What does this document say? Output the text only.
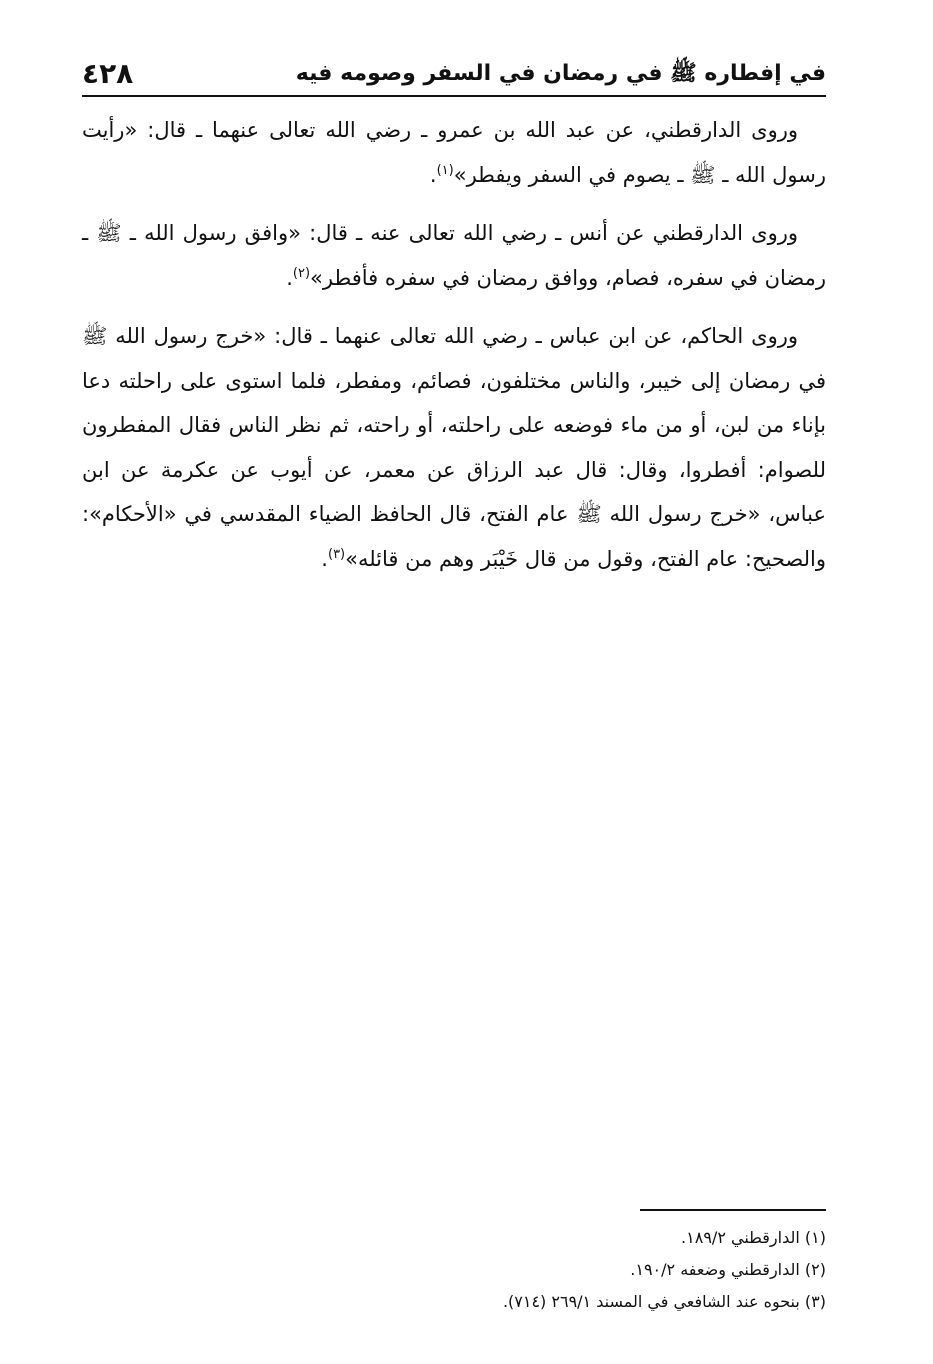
في إفطاره ﷺ في رمضان في السفر وصومه فيه
٤٢٨

وروى الدارقطني، عن عبد الله بن عمرو ـ رضي الله تعالى عنهما ـ قال: «رأيت رسول الله ـ ﷺ ـ يصوم في السفر ويفطر»$^{(١)}$.

وروى الدارقطني عن أنس ـ رضي الله تعالى عنه ـ قال: «وافق رسول الله ـ ﷺ ـ رمضان في سفره، فصام، ووافق رمضان في سفره فأفطر»$^{(٢)}$.

وروى الحاكم، عن ابن عباس ـ رضي الله تعالى عنهما ـ قال: «خرج رسول الله ﷺ في رمضان إلى خيبر، والناس مختلفون، فصائم، ومفطر، فلما استوى على راحلته دعا بإناء من لبن، أو من ماء فوضعه على راحلته، أو راحته، ثم نظر الناس فقال المفطرون للصوام: أفطروا، وقال: قال عبد الرزاق عن معمر، عن أيوب عن عكرمة عن ابن عباس، «خرج رسول الله ﷺ عام الفتح، قال الحافظ الضياء المقدسي في «الأحكام»: والصحيح: عام الفتح، وقول من قال خَيْبَر وهم من قائله»$^{(٣)}$.

(١) الدارقطني ١٨٩/٢.

(٢) الدارقطني وضعفه ١٩٠/٢.

(٣) بنحوه عند الشافعي في المسند ٢٦٩/١ (٧١٤).
